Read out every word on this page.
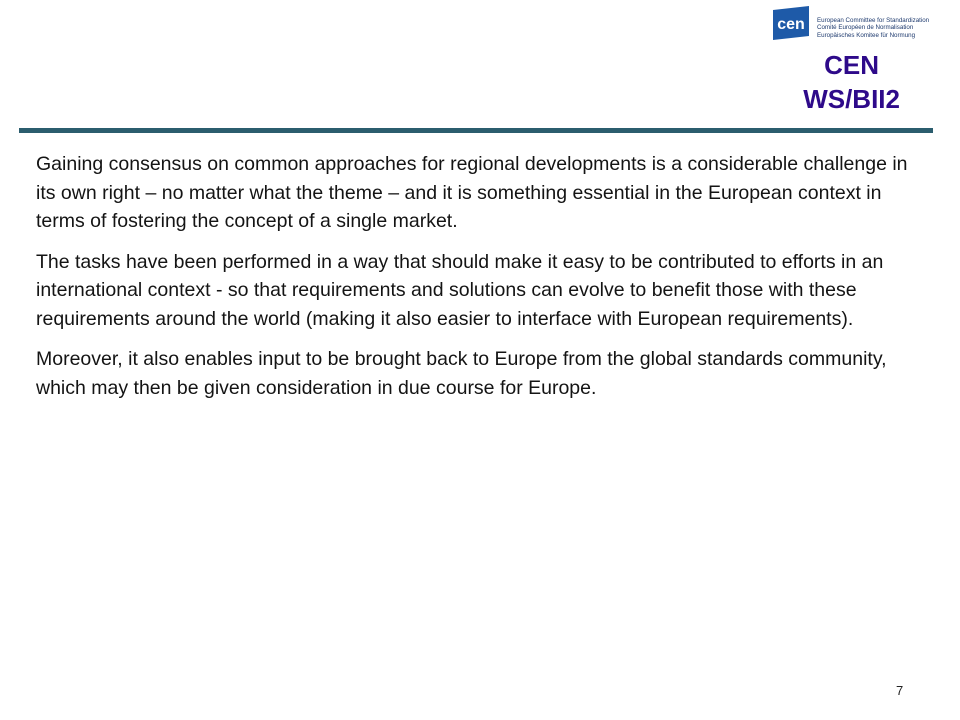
cen European Committee for Standardization
Comité Européen de Normalisation
Europäisches Komitee für Normung
CEN
WS/BII2

Gaining consensus on common approaches for regional developments is a considerable challenge in its own right – no matter what the theme – and it is something essential in the European context in terms of fostering the concept of a single market.

The tasks have been performed in a way that should make it easy to be contributed to efforts in an international context - so that requirements and solutions can evolve to benefit those with these requirements around the world (making it also easier to interface with European requirements).

Moreover, it also enables input to be brought back to Europe from the global standards community, which may then be given consideration in due course for Europe.

7
